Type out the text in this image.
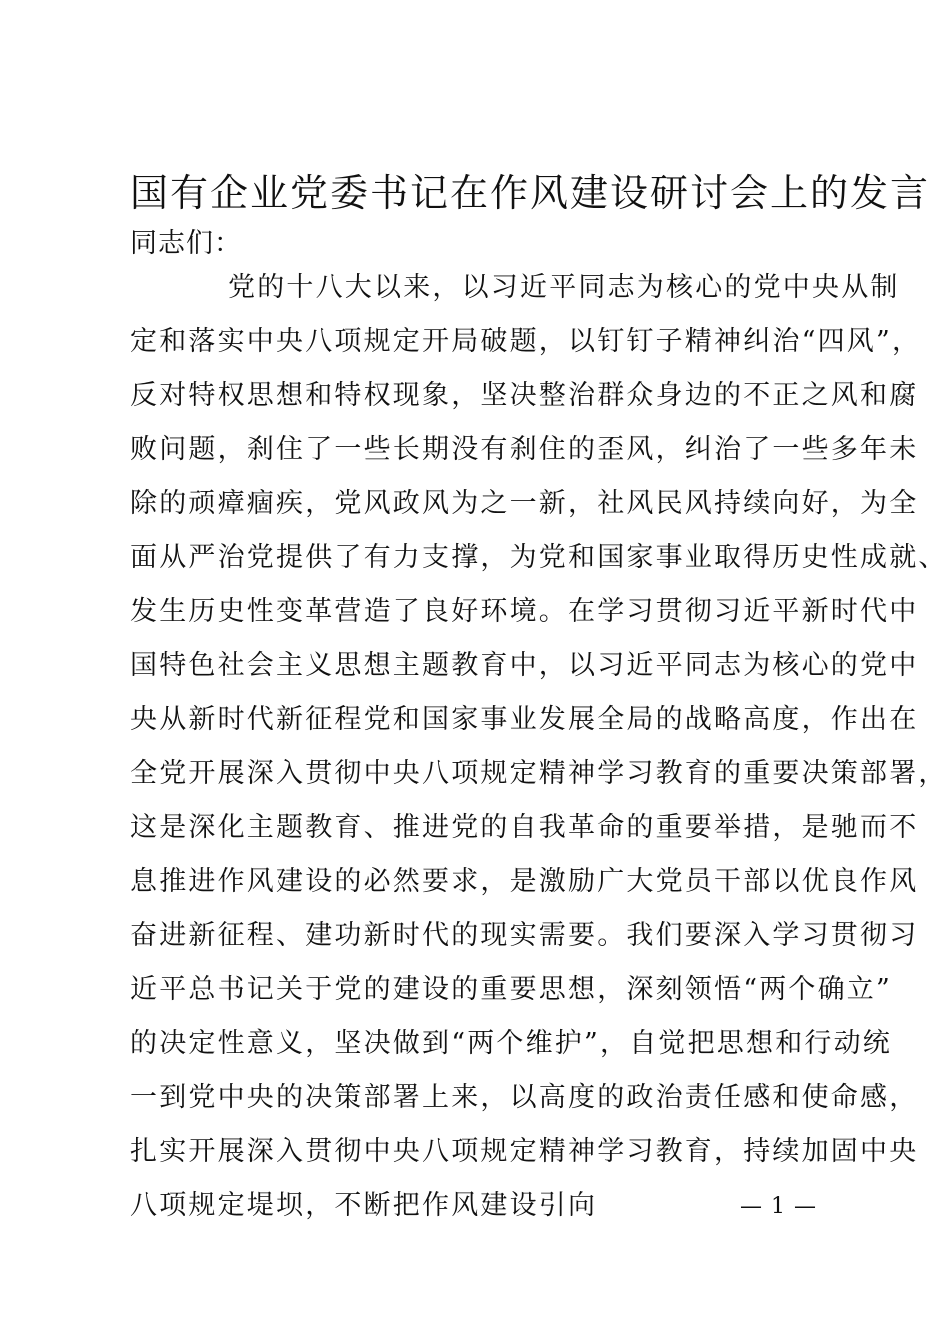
国有企业党委书记在作风建设研讨会上的发言
同志们：
党的十八大以来，以习近平同志为核心的党中央从制
定和落实中央八项规定开局破题，以钉钉子精神纠治“四风”，
反对特权思想和特权现象，坚决整治群众身边的不正之风和腐
败问题，刹住了一些长期没有刹住的歪风，纠治了一些多年未
除的顽瘴痼疾，党风政风为之一新，社风民风持续向好，为全
面从严治党提供了有力支撑，为党和国家事业取得历史性成就、
发生历史性变革营造了良好环境。在学习贯彻习近平新时代中
国特色社会主义思想主题教育中，以习近平同志为核心的党中
央从新时代新征程党和国家事业发展全局的战略高度，作出在
全党开展深入贯彻中央八项规定精神学习教育的重要决策部署，
这是深化主题教育、推进党的自我革命的重要举措，是驰而不
息推进作风建设的必然要求，是激励广大党员干部以优良作风
奋进新征程、建功新时代的现实需要。我们要深入学习贯彻习
近平总书记关于党的建设的重要思想，深刻领悟“两个确立”
的决定性意义，坚决做到“两个维护”，自觉把思想和行动统
一到党中央的决策部署上来，以高度的政治责任感和使命感，
扎实开展深入贯彻中央八项规定精神学习教育，持续加固中央
八项规定堤坝，不断把作风建设引向	— 1 —
